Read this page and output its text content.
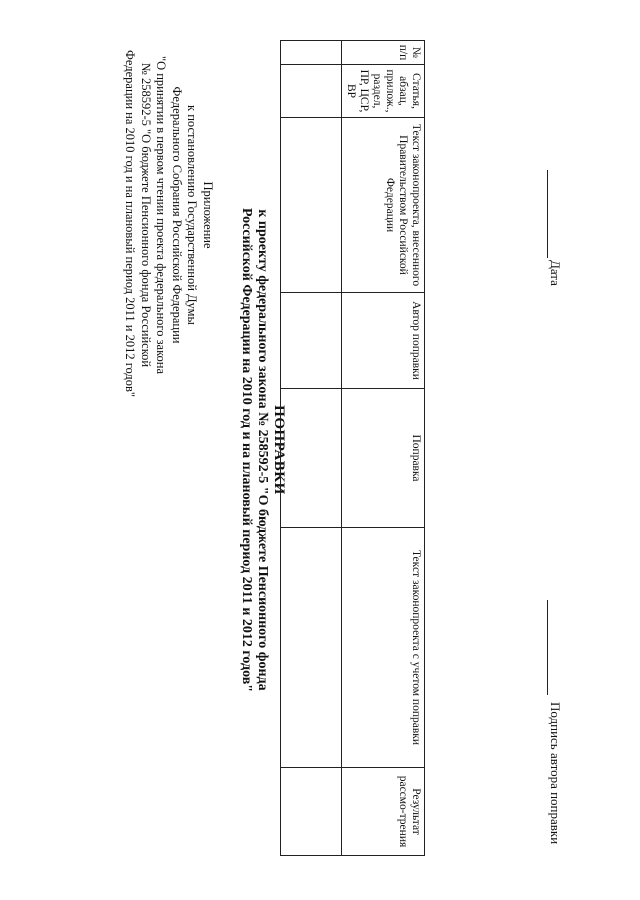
Приложение
к постановлению Государственной Думы
Федерального Собрания Российской Федерации
"О принятии в первом чтении проекта федерального закона
№ 258592-5 "О бюджете Пенсионного фонда Российской
Федерации на 2010 год и на плановый период 2011 и 2012 годов"
ПОПРАВКИ
к проекту федерального закона № 258592-5 "О бюджете Пенсионного фонда
Российской Федерации на 2010 год и на плановый период 2011 и 2012 годов"
№ п/п	Статья, абзац, прилож., раздел, ПР, ЦСР, ВР	Текст законопроекта, внесенного Правительством Российской Федерации	Автор поправки	Поправка	Текст законопроекта с учетом поправки	Результат рассмо-трения

Дата
Подпись автора поправки
